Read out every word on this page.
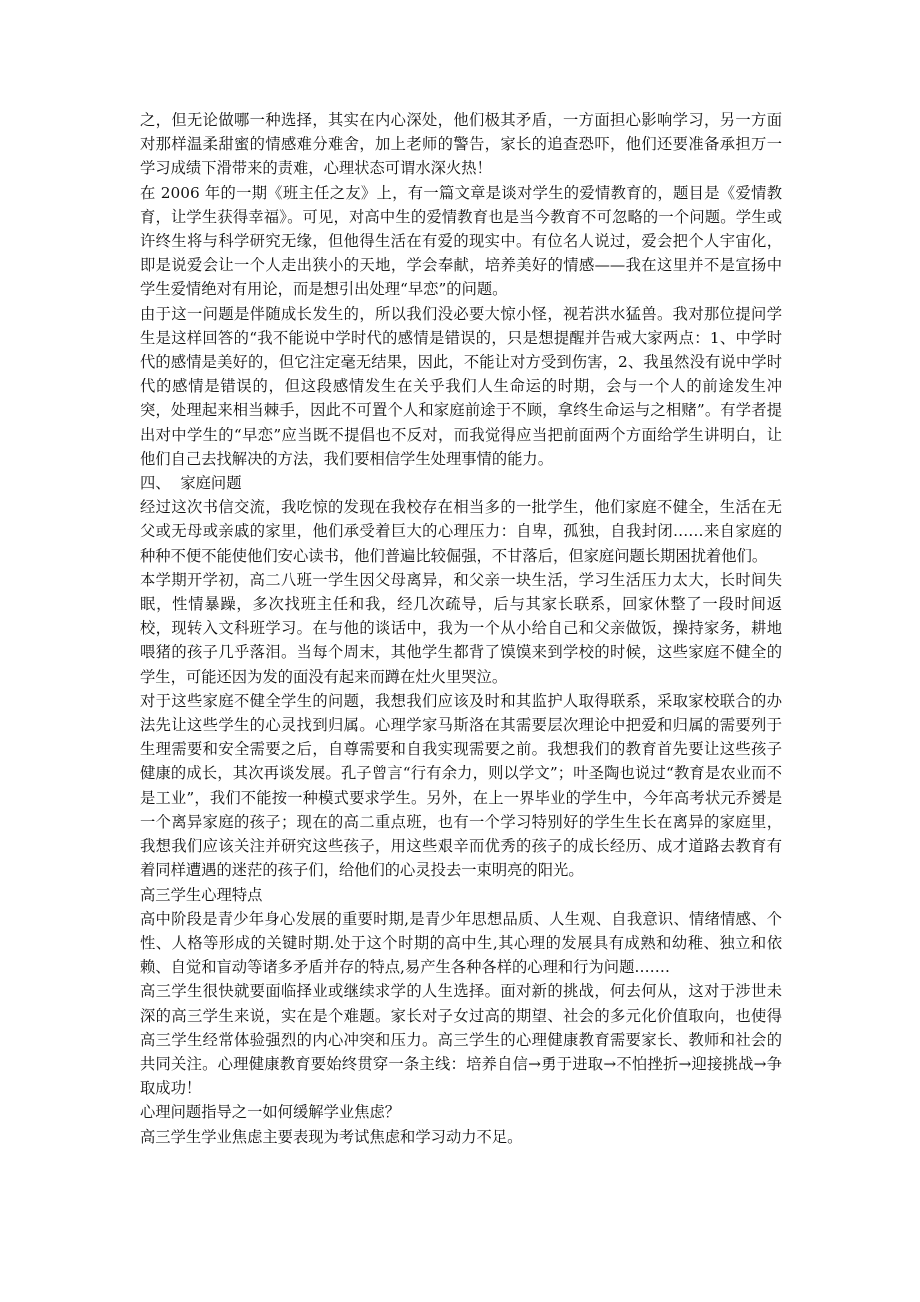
之，但无论做哪一种选择，其实在内心深处，他们极其矛盾，一方面担心影响学习，另一方面对那样温柔甜蜜的情感难分难舍，加上老师的警告，家长的追查恐吓，他们还要准备承担万一学习成绩下滑带来的责难，心理状态可谓水深火热！

在 2006 年的一期《班主任之友》上，有一篇文章是谈对学生的爱情教育的，题目是《爱情教育，让学生获得幸福》。可见，对高中生的爱情教育也是当今教育不可忽略的一个问题。学生或许终生将与科学研究无缘，但他得生活在有爱的现实中。有位名人说过，爱会把个人宇宙化，即是说爱会让一个人走出狭小的天地，学会奉献，培养美好的情感——我在这里并不是宣扬中学生爱情绝对有用论，而是想引出处理“早恋”的问题。

由于这一问题是伴随成长发生的，所以我们没必要大惊小怪，视若洪水猛兽。我对那位提问学生是这样回答的“我不能说中学时代的感情是错误的，只是想提醒并告戒大家两点：1、中学时代的感情是美好的，但它注定毫无结果，因此，不能让对方受到伤害，2、我虽然没有说中学时代的感情是错误的，但这段感情发生在关乎我们人生命运的时期，会与一个人的前途发生冲突，处理起来相当棘手，因此不可置个人和家庭前途于不顾，拿终生命运与之相赌”。有学者提出对中学生的“早恋”应当既不提倡也不反对，而我觉得应当把前面两个方面给学生讲明白，让他们自己去找解决的方法，我们要相信学生处理事情的能力。

四、  家庭问题

经过这次书信交流，我吃惊的发现在我校存在相当多的一批学生，他们家庭不健全，生活在无父或无母或亲戚的家里，他们承受着巨大的心理压力：自卑，孤独，自我封闭……来自家庭的种种不便不能使他们安心读书，他们普遍比较倔强，不甘落后，但家庭问题长期困扰着他们。

本学期开学初，高二八班一学生因父母离异，和父亲一块生活，学习生活压力太大，长时间失眠，性情暴躁，多次找班主任和我，经几次疏导，后与其家长联系，回家休整了一段时间返校，现转入文科班学习。在与他的谈话中，我为一个从小给自己和父亲做饭，操持家务，耕地喂猪的孩子几乎落泪。当每个周末，其他学生都背了馍馍来到学校的时候，这些家庭不健全的学生，可能还因为发的面没有起来而蹲在灶火里哭泣。

对于这些家庭不健全学生的问题，我想我们应该及时和其监护人取得联系，采取家校联合的办法先让这些学生的心灵找到归属。心理学家马斯洛在其需要层次理论中把爱和归属的需要列于生理需要和安全需要之后，自尊需要和自我实现需要之前。我想我们的教育首先要让这些孩子健康的成长，其次再谈发展。孔子曾言“行有余力，则以学文”；叶圣陶也说过“教育是农业而不是工业”，我们不能按一种模式要求学生。另外，在上一界毕业的学生中，今年高考状元乔赟是一个离异家庭的孩子；现在的高二重点班，也有一个学习特别好的学生生长在离异的家庭里，我想我们应该关注并研究这些孩子，用这些艰辛而优秀的孩子的成长经历、成才道路去教育有着同样遭遇的迷茫的孩子们，给他们的心灵投去一束明亮的阳光。

高三学生心理特点

高中阶段是青少年身心发展的重要时期,是青少年思想品质、人生观、自我意识、情绪情感、个性、人格等形成的关键时期.处于这个时期的高中生,其心理的发展具有成熟和幼稚、独立和依赖、自觉和盲动等诸多矛盾并存的特点,易产生各种各样的心理和行为问题…….

高三学生很快就要面临择业或继续求学的人生选择。面对新的挑战，何去何从，这对于涉世未深的高三学生来说，实在是个难题。家长对子女过高的期望、社会的多元化价值取向，也使得高三学生经常体验强烈的内心冲突和压力。高三学生的心理健康教育需要家长、教师和社会的共同关注。心理健康教育要始终贯穿一条主线：培养自信→勇于进取→不怕挫折→迎接挑战→争取成功！

心理问题指导之一如何缓解学业焦虑？

高三学生学业焦虑主要表现为考试焦虑和学习动力不足。
